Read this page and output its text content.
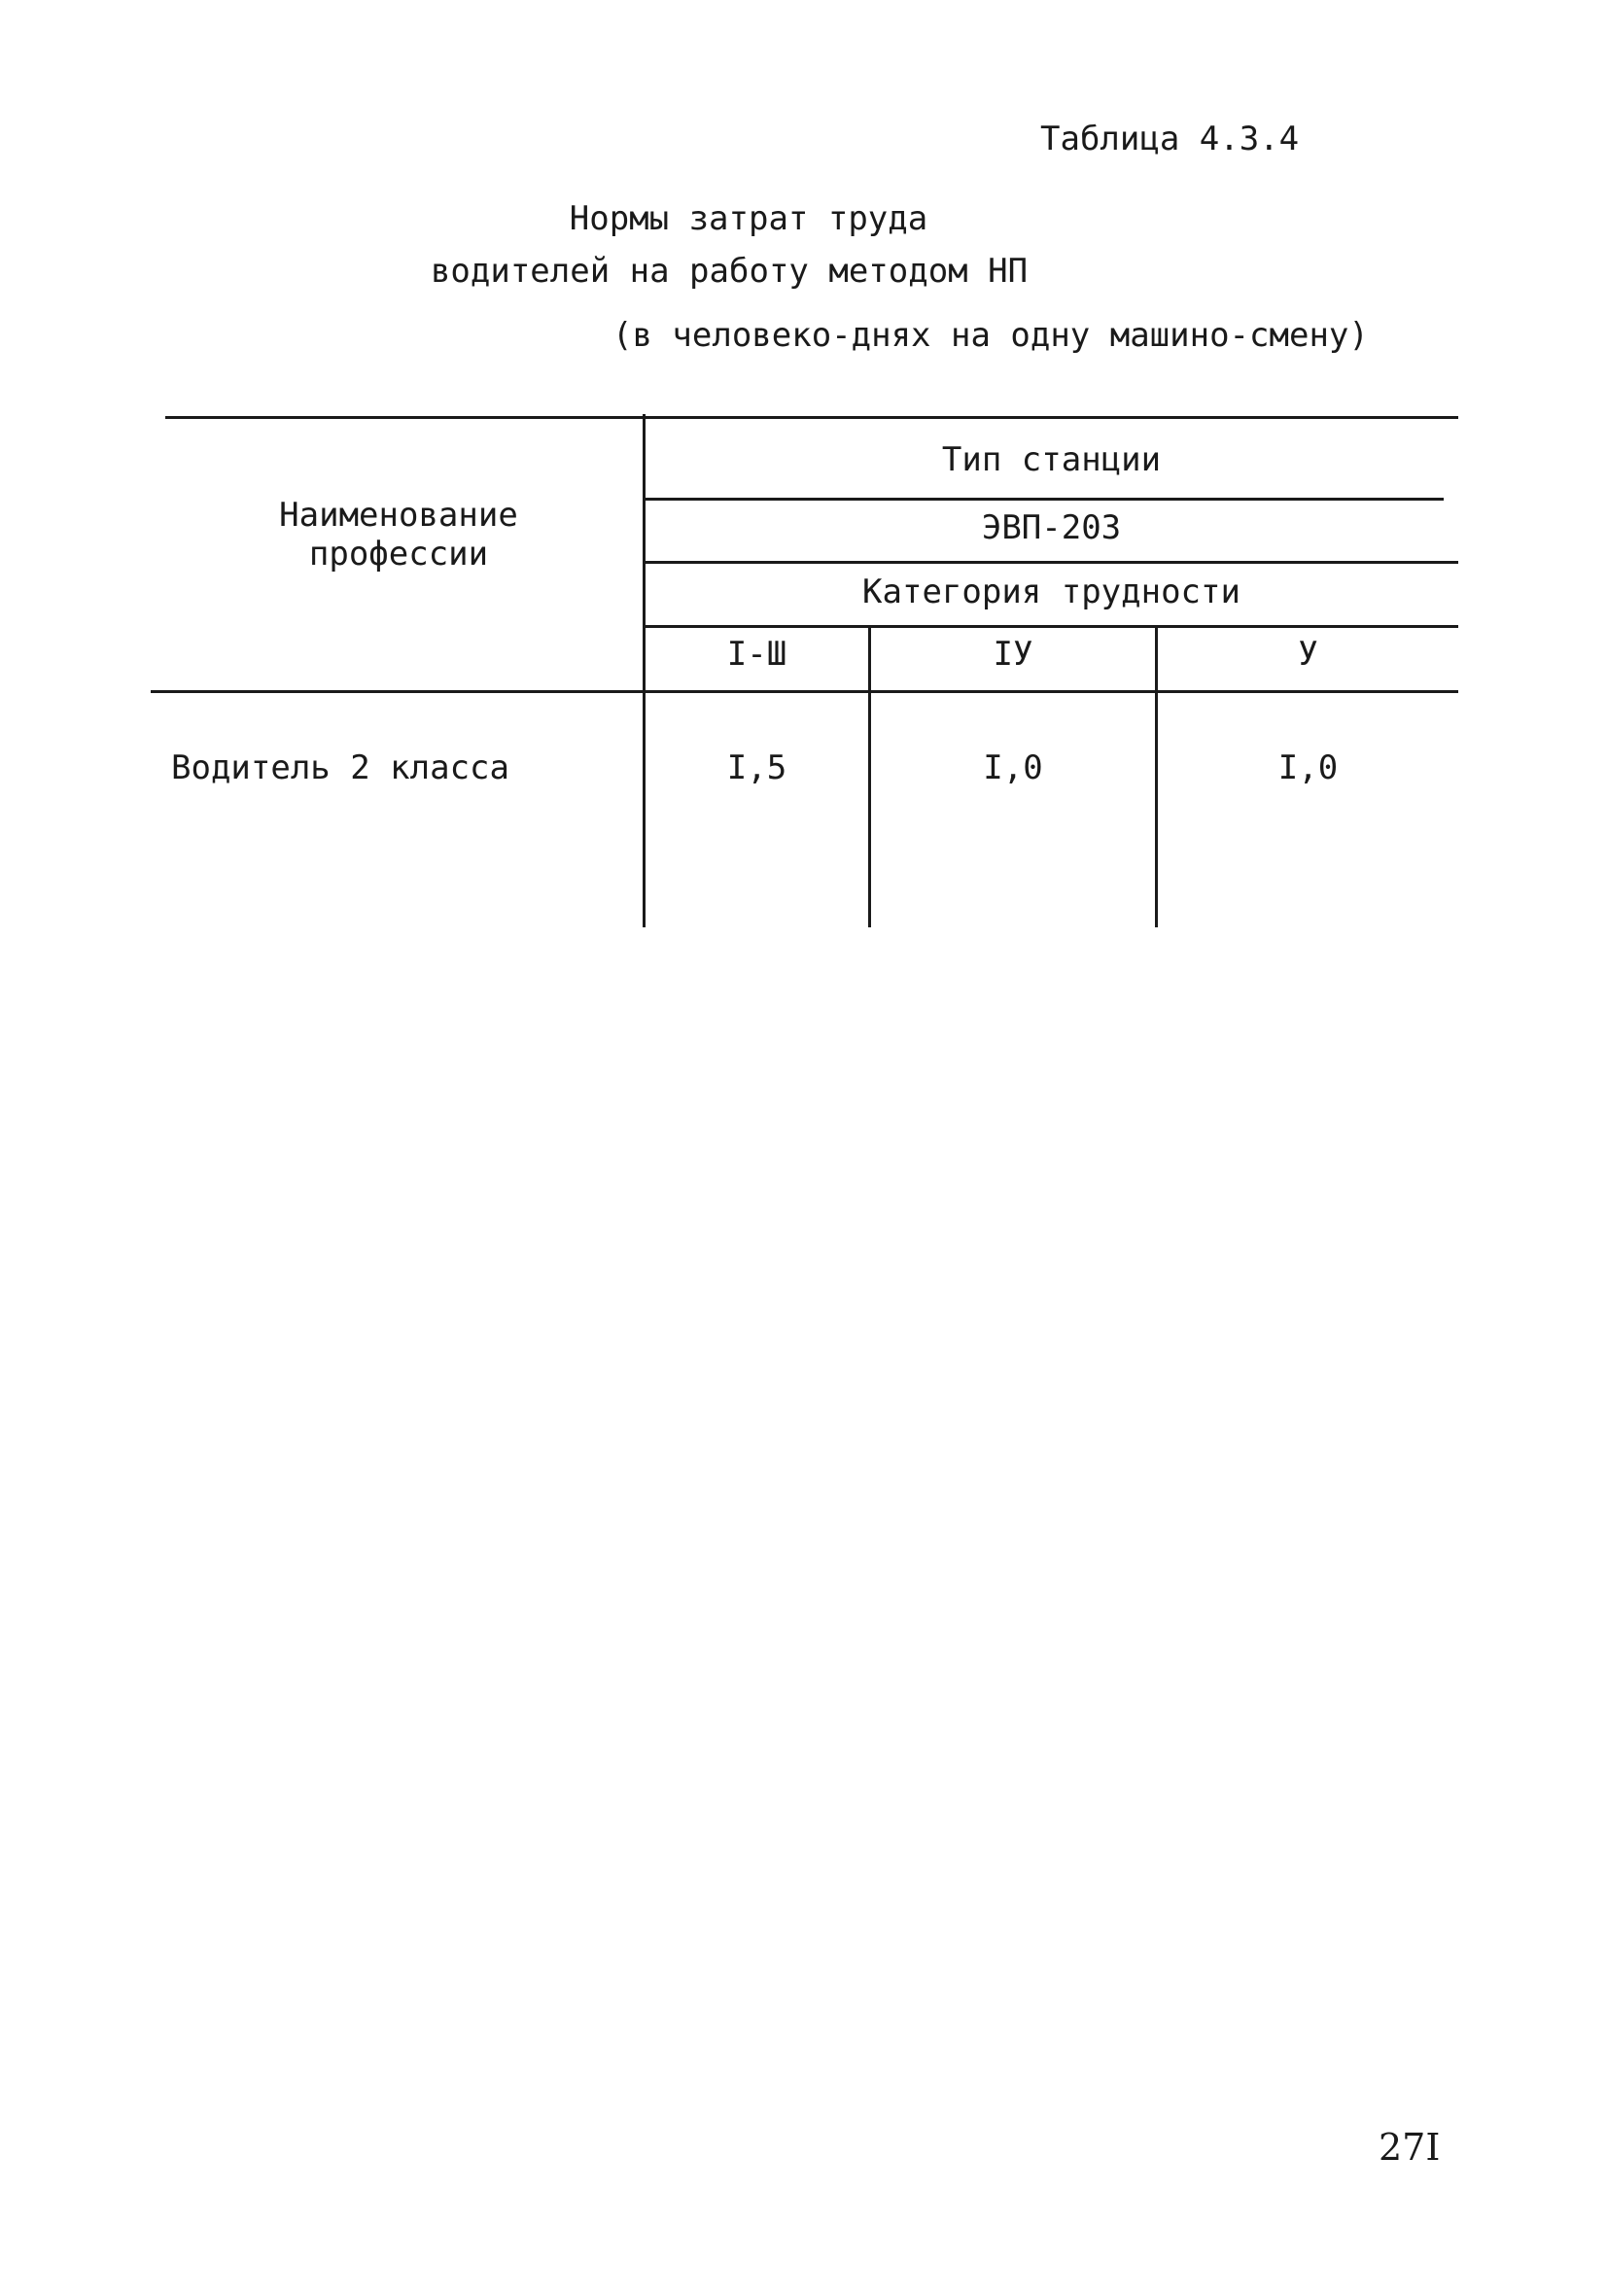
Таблица 4.3.4
Нормы затрат труда
водителей на работу методом НП
(в человеко-днях на одну машино-смену)
Наименование профессии
Тип станции
ЭВП-203
Категория трудности
I-Ш	IУ	У
Водитель 2 класса	I,5	I,0	I,0
27I
